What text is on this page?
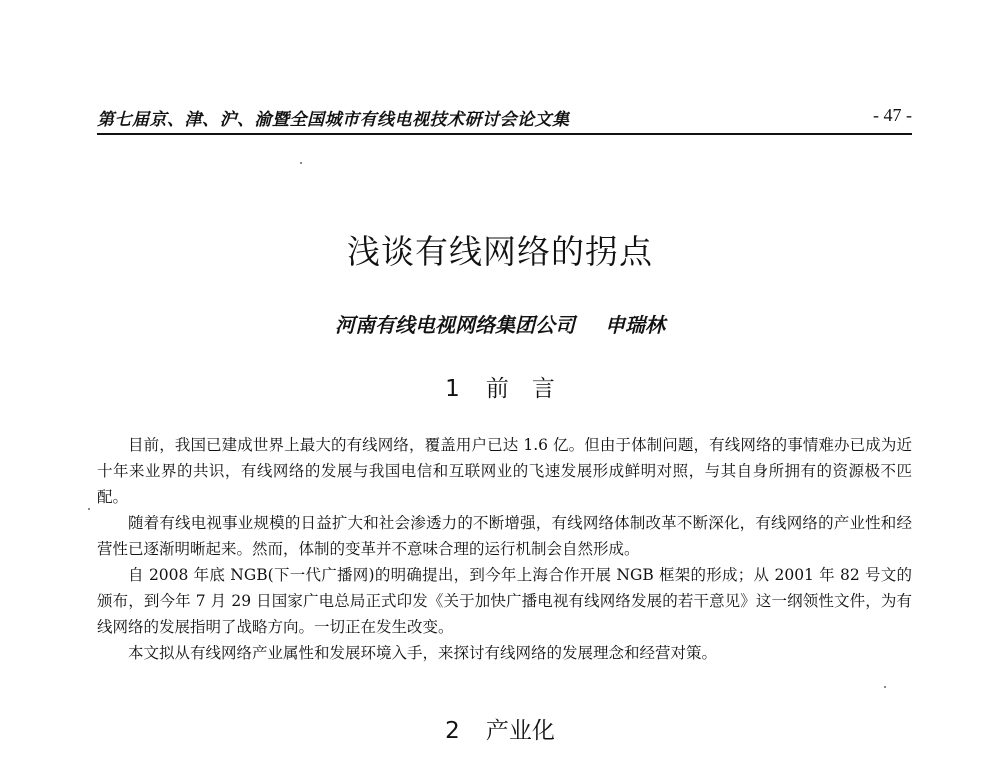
第七届京、津、沪、渝暨全国城市有线电视技术研讨会论文集	- 47 -
浅谈有线网络的拐点
河南有线电视网络集团公司 申瑞林
1 前　言

目前，我国已建成世界上最大的有线网络，覆盖用户已达 1.6 亿。但由于体制问题，有线网络的事情难办已成为近十年来业界的共识，有线网络的发展与我国电信和互联网业的飞速发展形成鲜明对照，与其自身所拥有的资源极不匹配。

随着有线电视事业规模的日益扩大和社会渗透力的不断增强，有线网络体制改革不断深化，有线网络的产业性和经营性已逐渐明晰起来。然而，体制的变革并不意味合理的运行机制会自然形成。

自 2008 年底 NGB(下一代广播网)的明确提出，到今年上海合作开展 NGB 框架的形成；从 2001 年 82 号文的颁布，到今年 7 月 29 日国家广电总局正式印发《关于加快广播电视有线网络发展的若干意见》这一纲领性文件，为有线网络的发展指明了战略方向。一切正在发生改变。

本文拟从有线网络产业属性和发展环境入手，来探讨有线网络的发展理念和经营对策。

2 产业化
